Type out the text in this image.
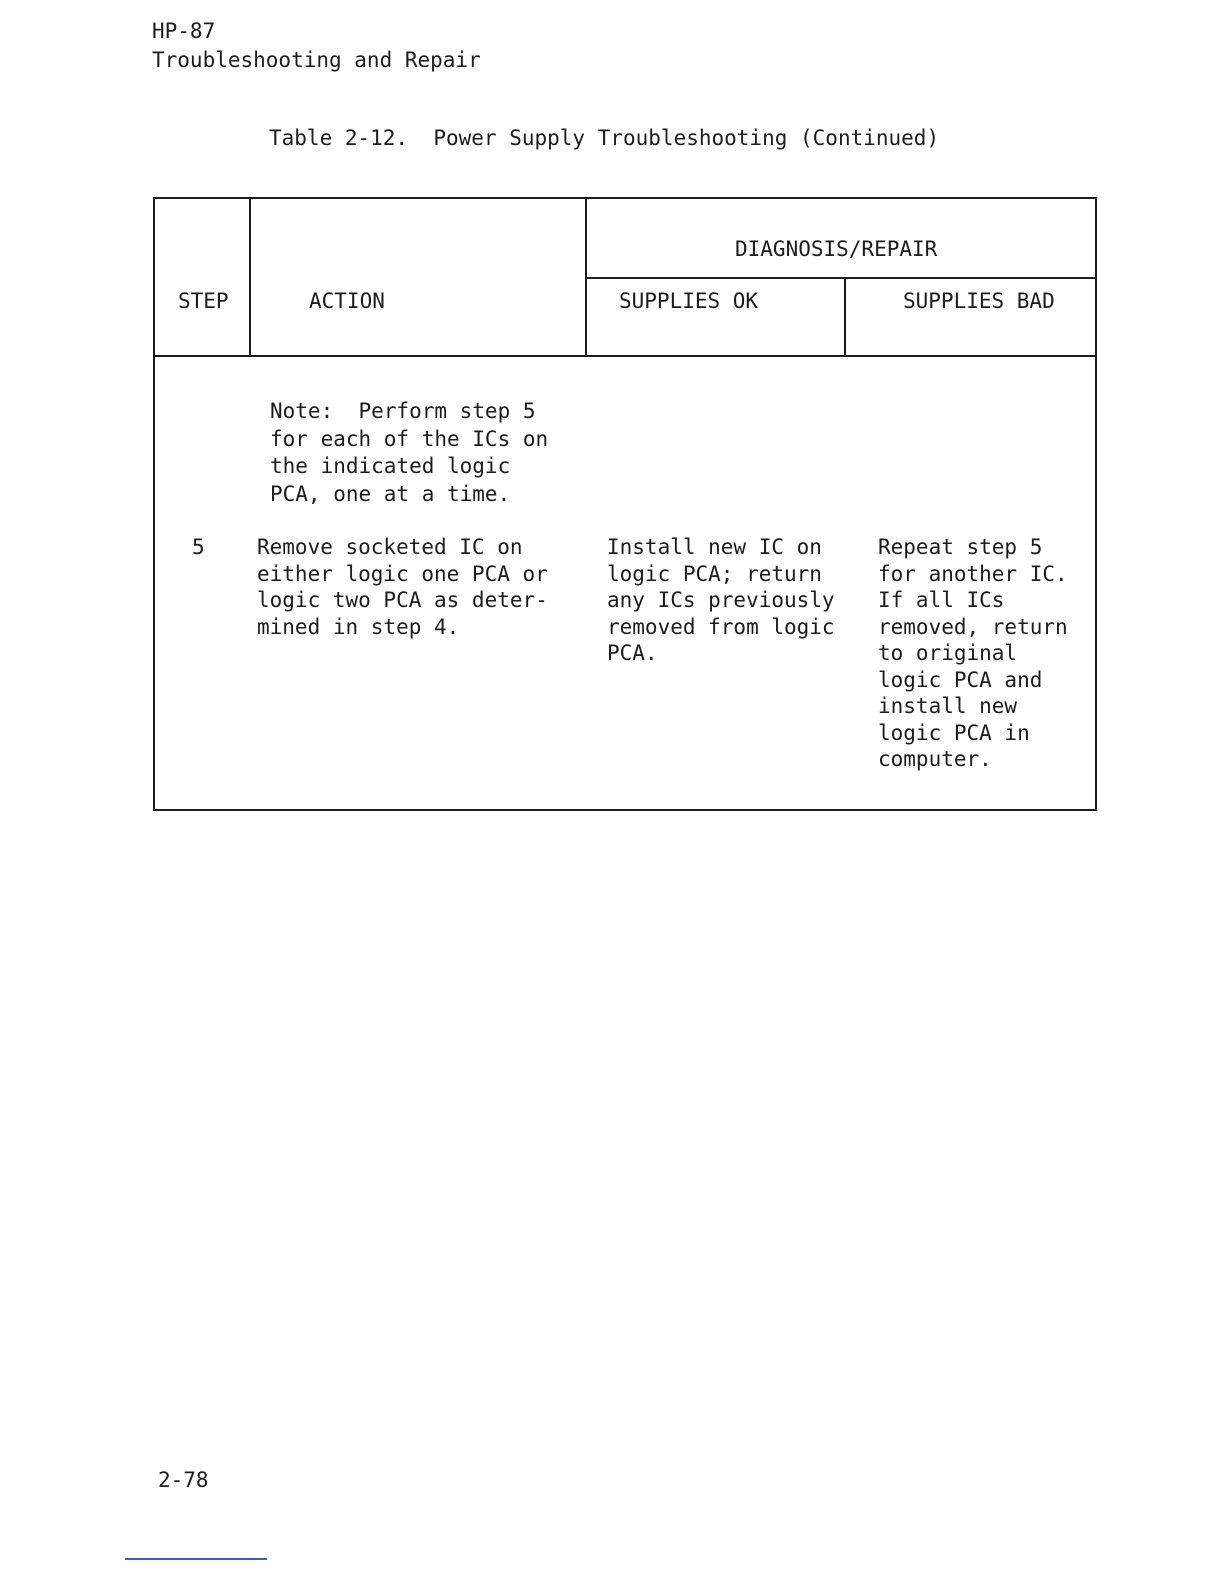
HP-87
Troubleshooting and Repair
Table 2-12.  Power Supply Troubleshooting (Continued)
STEP	ACTION
DIAGNOSIS/REPAIR
SUPPLIES OK	SUPPLIES BAD
Note:  Perform step 5
for each of the ICs on
the indicated logic
PCA, one at a time.
5 Remove socketed IC on
either logic one PCA or
logic two PCA as deter-
mined in step 4.
Install new IC on
logic PCA; return
any ICs previously
removed from logic
PCA.
Repeat step 5
for another IC.
If all ICs
removed, return
to original
logic PCA and
install new
logic PCA in
computer.
2-78
